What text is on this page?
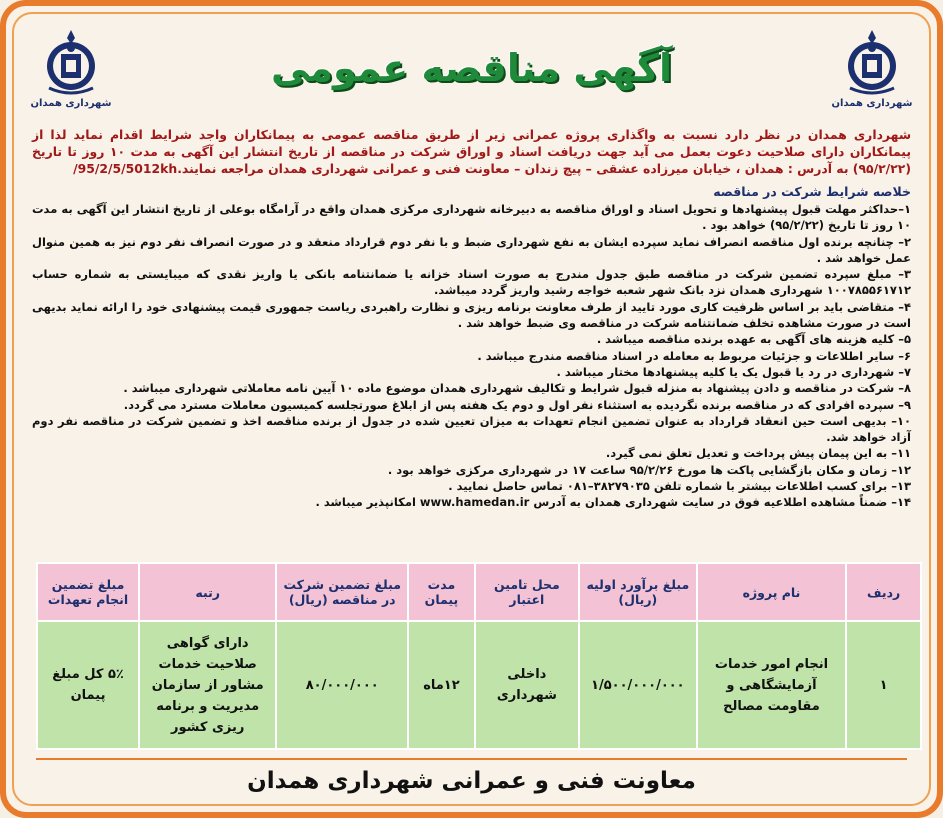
شهرداری همدان
شهرداری همدان
آگهی مناقصه عمومی
شهرداری همدان در نظر دارد نسبت به واگذاری پروژه عمرانی زیر از طریق مناقصه عمومی به پیمانکاران واجد شرایط اقدام نماید لذا از پیمانکاران دارای صلاحیت دعوت بعمل می آید جهت دریافت اسناد و اوراق شرکت در مناقصه از تاریخ انتشار این آگهی به مدت ۱۰ روز تا تاریخ (۹۵/۲/۲۲) به آدرس : همدان ، خیابان میرزاده عشقی – پیچ زندان – معاونت فنی و عمرانی شهرداری همدان مراجعه نمایند.95/2/5/5012kh/
خلاصه شرایط شرکت در مناقصه

۱–حداکثر مهلت قبول پیشنهادها و تحویل اسناد و اوراق مناقصه به دبیرخانه شهرداری مرکزی همدان واقع در آرامگاه بوعلی از تاریخ انتشار این آگهی به مدت ۱۰ روز تا تاریخ (۹۵/۲/۲۲) خواهد بود .

۲– چنانچه برنده اول مناقصه انصراف نماید سپرده ایشان به نفع شهرداری ضبط و با نفر دوم قرارداد منعقد و در صورت انصراف نفر دوم نیز به همین منوال عمل خواهد شد .

۳– مبلغ سپرده تضمین شرکت در مناقصه طبق جدول مندرج به صورت اسناد خزانه یا ضمانتنامه بانکی یا واریز نقدی که میبایستی به شماره حساب ۱۰۰۷۸۵۵۶۱۷۱۲ شهرداری همدان نزد بانک شهر شعبه خواجه رشید واریز گردد میباشد.

۴– متقاضی باید بر اساس ظرفیت کاری مورد تایید از طرف معاونت برنامه ریزی و نظارت راهبردی ریاست جمهوری قیمت پیشنهادی خود را ارائه نماید بدیهی است در صورت مشاهده تخلف ضمانتنامه شرکت در مناقصه وی ضبط خواهد شد .

۵– کلیه هزینه های آگهی به عهده برنده مناقصه میباشد .

۶– سایر اطلاعات و جزئیات مربوط به معامله در اسناد مناقصه مندرج میباشد .

۷– شهرداری در رد یا قبول یک یا کلیه پیشنهادها مختار میباشد .

۸– شرکت در مناقصه و دادن پیشنهاد به منزله قبول شرایط و تکالیف شهرداری همدان موضوع ماده ۱۰ آیین نامه معاملاتی شهرداری میباشد .

۹– سپرده افرادی که در مناقصه برنده نگردیده به استثناء نفر اول و دوم یک هفته پس از ابلاغ صورتجلسه کمیسیون معاملات مسترد می گردد.

۱۰– بدیهی است حین انعقاد قرارداد به عنوان تضمین انجام تعهدات به میزان تعیین شده در جدول از برنده مناقصه اخذ و تضمین شرکت در مناقصه نفر دوم آزاد خواهد شد.

۱۱– به این پیمان پیش پرداخت و تعدیل تعلق نمی گیرد.

۱۲– زمان و مکان بازگشایی پاکت ها مورخ ۹۵/۲/۲۶ ساعت ۱۷ در شهرداری مرکزی خواهد بود .

۱۳– برای کسب اطلاعات بیشتر با شماره تلفن ۳۸۲۷۹۰۳۵–۰۸۱ تماس حاصل نمایید .

۱۴– ضمناً مشاهده اطلاعیه فوق در سایت شهرداری همدان به آدرس www.hamedan.ir امکانپذیر میباشد .

ردیف	نام پروژه	مبلغ برآورد اولیه (ریال)	محل تامین اعتبار	مدت پیمان	مبلغ تضمین شرکت در مناقصه (ریال)	رتبه	مبلغ تضمین انجام تعهدات
۱	انجام امور خدمات آزمایشگاهی و مقاومت مصالح	۱/۵۰۰/۰۰۰/۰۰۰	داخلی شهرداری	۱۲ماه	۸۰/۰۰۰/۰۰۰	دارای گواهی صلاحیت خدمات مشاور از سازمان مدیریت و برنامه ریزی کشور	۵٪ کل مبلغ پیمان
معاونت فنی و عمرانی شهرداری همدان
